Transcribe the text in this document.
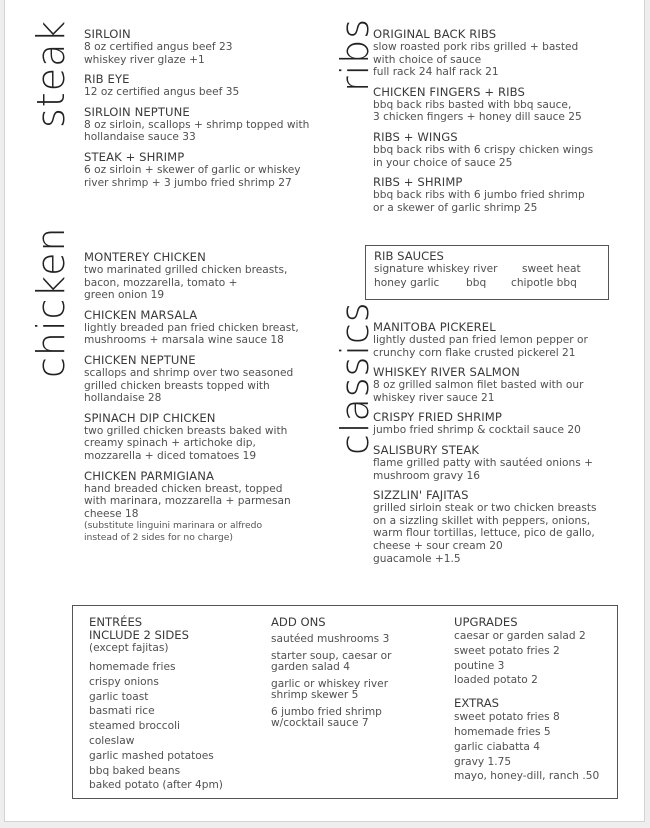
steak SIRLOIN
8 oz certified angus beef 23
whiskey river glaze +1
RIB EYE
12 oz certified angus beef 35
SIRLOIN NEPTUNE
8 oz sirloin, scallops + shrimp topped with
hollandaise sauce 33
STEAK + SHRIMP
6 oz sirloin + skewer of garlic or whiskey
river shrimp + 3 jumbo fried shrimp 27
chicken MONTEREY CHICKEN
two marinated grilled chicken breasts,
bacon, mozzarella, tomato +
green onion 19
CHICKEN MARSALA
lightly breaded pan fried chicken breast,
mushrooms + marsala wine sauce 18
CHICKEN NEPTUNE
scallops and shrimp over two seasoned
grilled chicken breasts topped with
hollandaise 28
SPINACH DIP CHICKEN
two grilled chicken breasts baked with
creamy spinach + artichoke dip,
mozzarella + diced tomatoes 19
CHICKEN PARMIGIANA
hand breaded chicken breast, topped
with marinara, mozzarella + parmesan
cheese 18
(substitute linguini marinara or alfredo
instead of 2 sides for no charge)
ribs
ORIGINAL BACK RIBS
slow roasted pork ribs grilled + basted
with choice of sauce
full rack 24 half rack 21
CHICKEN FINGERS + RIBS
bbq back ribs basted with bbq sauce,
3 chicken fingers + honey dill sauce 25
RIBS + WINGS
bbq back ribs with 6 crispy chicken wings
in your choice of sauce 25
RIBS + SHRIMP
bbq back ribs with 6 jumbo fried shrimp
or a skewer of garlic shrimp 25
RIB SAUCES
signature whiskey river	sweet heat
honey garlic	bbq	chipotle bbq
classics
MANITOBA PICKEREL
lightly dusted pan fried lemon pepper or
crunchy corn flake crusted pickerel 21
WHISKEY RIVER SALMON
8 oz grilled salmon filet basted with our
whiskey river sauce 21
CRISPY FRIED SHRIMP
jumbo fried shrimp & cocktail sauce 20
SALISBURY STEAK
flame grilled patty with sautéed onions +
mushroom gravy 16
SIZZLIN' FAJITAS
grilled sirloin steak or two chicken breasts
on a sizzling skillet with peppers, onions,
warm flour tortillas, lettuce, pico de gallo,
cheese + sour cream 20
guacamole +1.5
ENTRÉES
INCLUDE 2 SIDES
(except fajitas)
homemade fries
crispy onions
garlic toast
basmati rice
steamed broccoli
coleslaw
garlic mashed potatoes
bbq baked beans
baked potato (after 4pm)
ADD ONS
sautéed mushrooms 3
starter soup, caesar or
garden salad 4
garlic or whiskey river
shrimp skewer 5
6 jumbo fried shrimp
w/cocktail sauce 7
UPGRADES
caesar or garden salad 2
sweet potato fries 2
poutine 3
loaded potato 2
EXTRAS
sweet potato fries 8
homemade fries 5
garlic ciabatta 4
gravy 1.75
mayo, honey-dill, ranch .50
